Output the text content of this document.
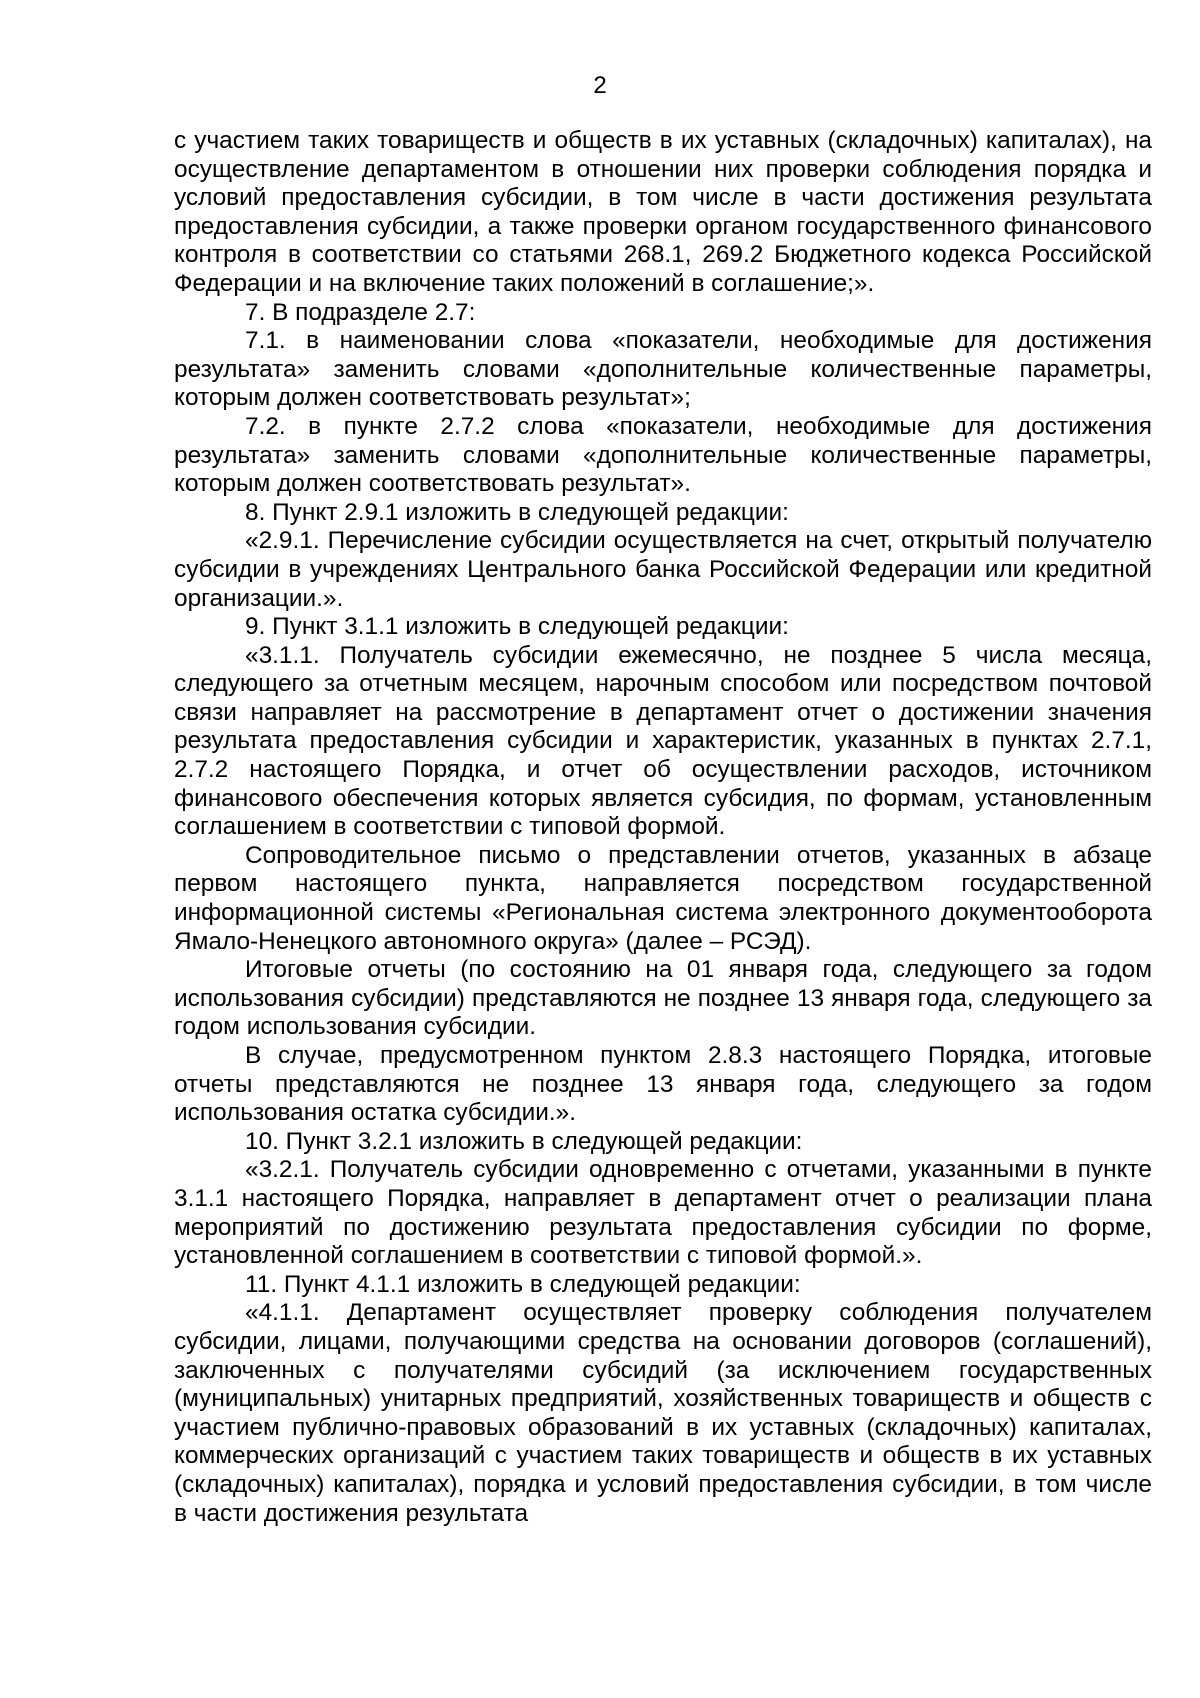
2

с участием таких товариществ и обществ в их уставных (складочных) капиталах), на осуществление департаментом в отношении них проверки соблюдения порядка и условий предоставления субсидии, в том числе в части достижения результата предоставления субсидии, а также проверки органом государственного финансового контроля в соответствии со статьями 268.1, 269.2 Бюджетного кодекса Российской Федерации и на включение таких положений в соглашение;».

7. В подразделе 2.7:

7.1. в наименовании слова «показатели, необходимые для достижения результата» заменить словами «дополнительные количественные параметры, которым должен соответствовать результат»;

7.2. в пункте 2.7.2 слова «показатели, необходимые для достижения результата» заменить словами «дополнительные количественные параметры, которым должен соответствовать результат».

8. Пункт 2.9.1 изложить в следующей редакции:

«2.9.1. Перечисление субсидии осуществляется на счет, открытый получателю субсидии в учреждениях Центрального банка Российской Федерации или кредитной организации.».

9. Пункт 3.1.1 изложить в следующей редакции:

«3.1.1. Получатель субсидии ежемесячно, не позднее 5 числа месяца, следующего за отчетным месяцем, нарочным способом или посредством почтовой связи направляет на рассмотрение в департамент отчет о достижении значения результата предоставления субсидии и характеристик, указанных в пунктах 2.7.1, 2.7.2 настоящего Порядка, и отчет об осуществлении расходов, источником финансового обеспечения которых является субсидия, по формам, установленным соглашением в соответствии с типовой формой.

Сопроводительное письмо о представлении отчетов, указанных в абзаце первом настоящего пункта, направляется посредством государственной информационной системы «Региональная система электронного документооборота Ямало-Ненецкого автономного округа» (далее – РСЭД).

Итоговые отчеты (по состоянию на 01 января года, следующего за годом использования субсидии) представляются не позднее 13 января года, следующего за годом использования субсидии.

В случае, предусмотренном пунктом 2.8.3 настоящего Порядка, итоговые отчеты представляются не позднее 13 января года, следующего за годом использования остатка субсидии.».

10. Пункт 3.2.1 изложить в следующей редакции:

«3.2.1. Получатель субсидии одновременно с отчетами, указанными в пункте 3.1.1 настоящего Порядка, направляет в департамент отчет о реализации плана мероприятий по достижению результата предоставления субсидии по форме, установленной соглашением в соответствии с типовой формой.».

11. Пункт 4.1.1 изложить в следующей редакции:

«4.1.1. Департамент осуществляет проверку соблюдения получателем субсидии, лицами, получающими средства на основании договоров (соглашений), заключенных с получателями субсидий (за исключением государственных (муниципальных) унитарных предприятий, хозяйственных товариществ и обществ с участием публично-правовых образований в их уставных (складочных) капиталах, коммерческих организаций с участием таких товариществ и обществ в их уставных (складочных) капиталах), порядка и условий предоставления субсидии, в том числе в части достижения результата
